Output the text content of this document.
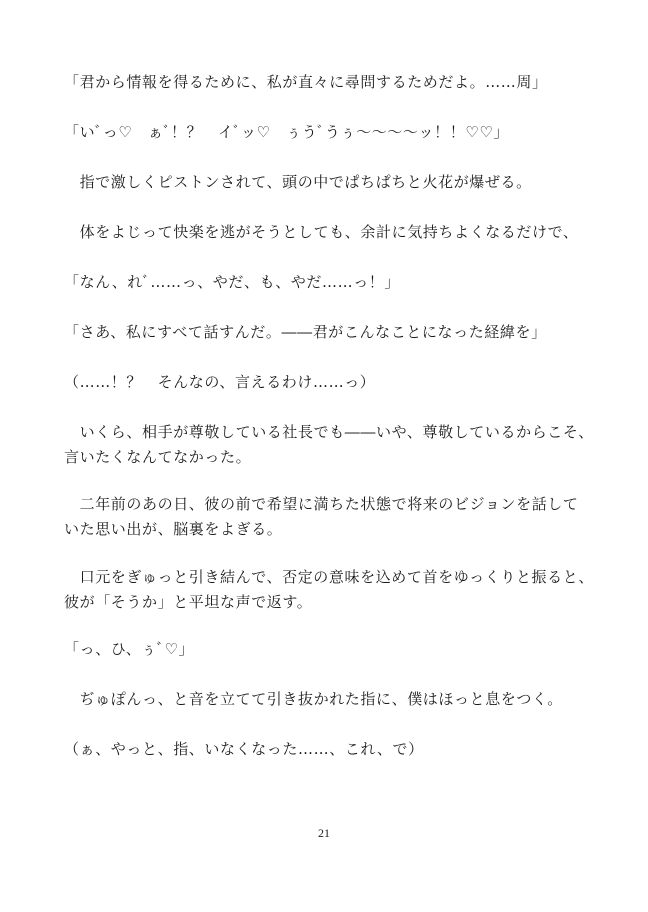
「君から情報を得るために、私が直々に尋問するためだよ。……周」

「いﾞっ♡　ぁﾞ！？　イﾞッ♡　ぅうﾞうぅ〜〜〜〜ッ！！♡♡」

　指で激しくピストンされて、頭の中でぱちぱちと火花が爆ぜる。

　体をよじって快楽を逃がそうとしても、余計に気持ちよくなるだけで、

「なん、れﾞ……っ、やだ、も、やだ……っ！」

「さあ、私にすべて話すんだ。――君がこんなことになった経緯を」

（……！？　そんなの、言えるわけ……っ）

　いくら、相手が尊敬している社長でも――いや、尊敬しているからこそ、言いたくなんてなかった。

　二年前のあの日、彼の前で希望に満ちた状態で将来のビジョンを話していた思い出が、脳裏をよぎる。

　口元をぎゅっと引き結んで、否定の意味を込めて首をゆっくりと振ると、彼が「そうか」と平坦な声で返す。

「っ、ひ、ぅﾞ♡」

　ぢゅぽんっ、と音を立てて引き抜かれた指に、僕はほっと息をつく。

（ぁ、やっと、指、いなくなった……、これ、で）

21
